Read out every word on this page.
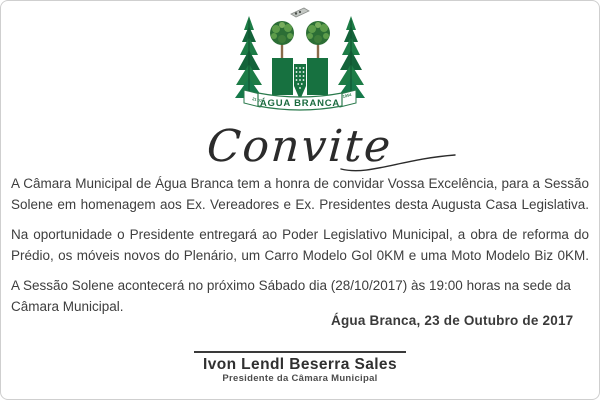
21 07
1954
ÁGUA BRANCA
Convite

A Câmara Municipal de Água Branca tem a honra de convidar Vossa Excelência, para a Sessão Solene em homenagem aos Ex. Vereadores e Ex. Presidentes desta Augusta Casa Legislativa.

Na oportunidade o Presidente entregará ao Poder Legislativo Municipal, a obra de reforma do Prédio, os móveis novos do Plenário, um Carro Modelo Gol 0KM e uma Moto Modelo Biz 0KM.

A Sessão Solene acontecerá no próximo Sábado dia (28/10/2017) às 19:00 horas na sede da Câmara Municipal.

Água Branca, 23 de Outubro de 2017
Ivon Lendl Beserra Sales
Presidente da Câmara Municipal
